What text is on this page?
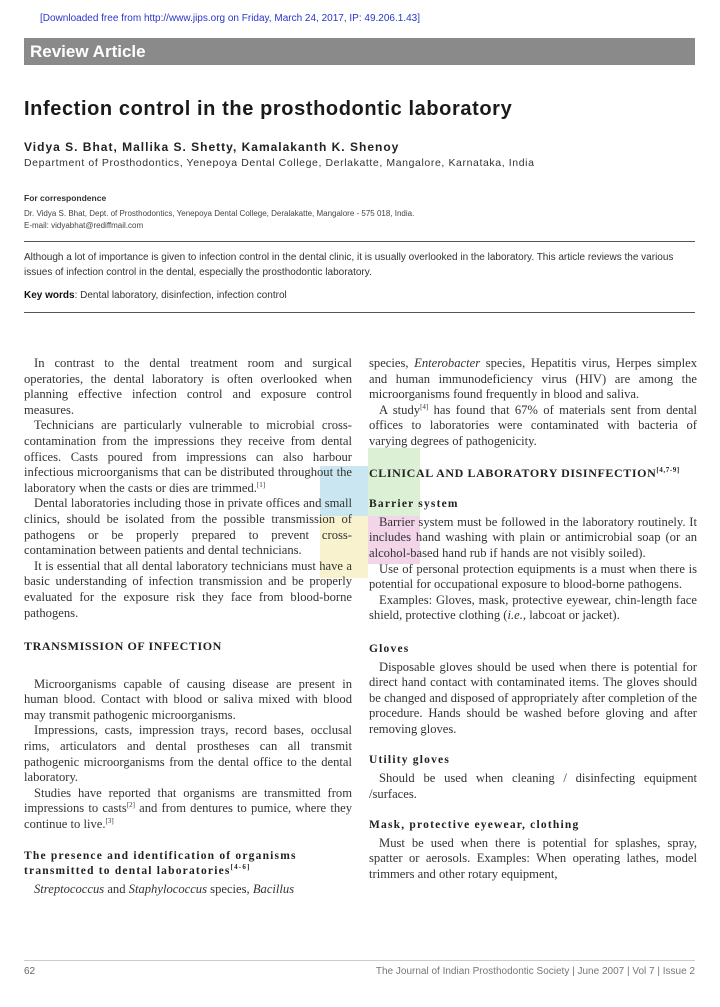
[Downloaded free from http://www.jips.org on Friday, March 24, 2017, IP: 49.206.1.43]
Review Article
Infection control in the prosthodontic laboratory
Vidya S. Bhat, Mallika S. Shetty, Kamalakanth K. Shenoy
Department of Prosthodontics, Yenepoya Dental College, Derlakatte, Mangalore, Karnataka, India
For correspondence
Dr. Vidya S. Bhat, Dept. of Prosthodontics, Yenepoya Dental College, Deralakatte, Mangalore - 575 018, India.
E-mail: vidyabhat@rediffmail.com
Although a lot of importance is given to infection control in the dental clinic, it is usually overlooked in the laboratory. This article reviews the various issues of infection control in the dental, especially the prosthodontic laboratory.
Key words: Dental laboratory, disinfection, infection control

In contrast to the dental treatment room and surgical operatories, the dental laboratory is often overlooked when planning effective infection control and exposure control measures.

Technicians are particularly vulnerable to microbial cross-contamination from the impressions they receive from dental offices. Casts poured from impressions can also harbour infectious microorganisms that can be distributed throughout the laboratory when the casts or dies are trimmed.[1]

Dental laboratories including those in private offices and small clinics, should be isolated from the possible transmission of pathogens or be properly prepared to prevent cross-contamination between patients and dental technicians.

It is essential that all dental laboratory technicians must have a basic understanding of infection transmission and be properly evaluated for the exposure risk they face from blood-borne pathogens.

TRANSMISSION OF INFECTION

Microorganisms capable of causing disease are present in human blood. Contact with blood or saliva mixed with blood may transmit pathogenic microorganisms.

Impressions, casts, impression trays, record bases, occlusal rims, articulators and dental prostheses can all transmit pathogenic microorganisms from the dental office to the dental laboratory.

Studies have reported that organisms are transmitted from impressions to casts[2] and from dentures to pumice, where they continue to live.[3]

The presence and identification of organisms transmitted to dental laboratories[4-6]

Streptococcus and Staphylococcus species, Bacillus

species, Enterobacter species, Hepatitis virus, Herpes simplex and human immunodeficiency virus (HIV) are among the microorganisms found frequently in blood and saliva.

A study[4] has found that 67% of materials sent from dental offices to laboratories were contaminated with bacteria of varying degrees of pathogenicity.

CLINICAL AND LABORATORY DISINFECTION[4,7-9]
Barrier system

Barrier system must be followed in the laboratory routinely. It includes hand washing with plain or antimicrobial soap (or an alcohol-based hand rub if hands are not visibly soiled).

Use of personal protection equipments is a must when there is potential for occupational exposure to blood-borne pathogens.

Examples: Gloves, mask, protective eyewear, chin-length face shield, protective clothing (i.e., labcoat or jacket).

Gloves

Disposable gloves should be used when there is potential for direct hand contact with contaminated items. The gloves should be changed and disposed of appropriately after completion of the procedure. Hands should be washed before gloving and after removing gloves.

Utility gloves

Should be used when cleaning / disinfecting equipment /surfaces.

Mask, protective eyewear, clothing

Must be used when there is potential for splashes, spray, spatter or aerosols. Examples: When operating lathes, model trimmers and other rotary equipment,

62	The Journal of Indian Prosthodontic Society | June 2007 | Vol 7 | Issue 2
